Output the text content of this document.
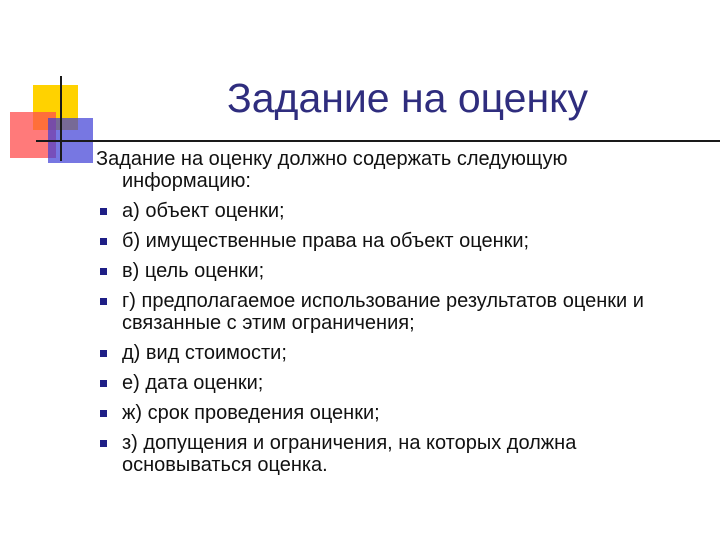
Задание на оценку

Задание на оценку должно содержать следующую информацию:

а) объект оценки;
б) имущественные права на объект оценки;
в) цель оценки;
г) предполагаемое использование результатов оценки и связанные с этим ограничения;
д) вид стоимости;
е) дата оценки;
ж) срок проведения оценки;
з) допущения и ограничения, на которых должна основываться оценка.
